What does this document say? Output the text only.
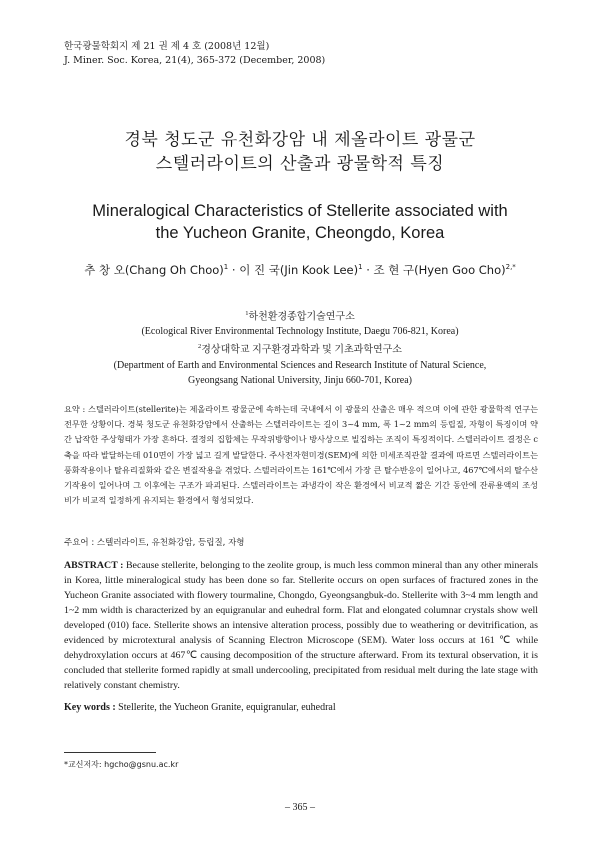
한국광물학회지 제 21 권 제 4 호 (2008년 12월)
J. Miner. Soc. Korea, 21(4), 365-372 (December, 2008)
경북 청도군 유천화강암 내 제올라이트 광물군
스텔러라이트의 산출과 광물학적 특징
Mineralogical Characteristics of Stellerite associated with
the Yucheon Granite, Cheongdo, Korea
추 창 오(Chang Oh Choo)$^1$ · 이 진 국(Jin Kook Lee)$^1$ · 조 현 구(Hyen Goo Cho)$^{2,*}$
$^1$하천환경종합기술연구소
(Ecological River Environmental Technology Institute, Daegu 706-821, Korea)
$^2$경상대학교 지구환경과학과 및 기초과학연구소
(Department of Earth and Environmental Sciences and Research Institute of Natural Science,
Gyeongsang National University, Jinju 660-701, Korea)
요약 : 스텔러라이트(stellerite)는 제올라이트 광물군에 속하는데 국내에서 이 광물의 산출은 매우 적으며 이에 관한 광물학적 연구는 전무한 상황이다. 경북 청도군 유천화강암에서 산출하는 스텔러라이트는 길이 3~4 mm, 폭 1~2 mm의 등립질, 자형이 특징이며 약간 납작한 주상형태가 가장 흔하다. 결정의 집합체는 무작위방향이나 방사상으로 빌집하는 조직이 특징적이다. 스텔러라이트 결정은 c축을 따라 발달하는데 010면이 가장 넓고 길게 발달한다. 주사전자현미경(SEM)에 의한 미세조직관찰 결과에 따르면 스텔러라이트는 풍화작용이나 탈유리질화와 같은 변질작용을 겪었다. 스텔러라이트는 161℃에서 가장 큰 탈수반응이 일어나고, 467℃에서의 탈수산기작용이 일어나며 그 이후에는 구조가 파괴된다. 스텔러라이트는 과냉각이 작은 환경에서 비교적 짧은 기간 동안에 잔류용액의 조성비가 비교적 일정하게 유지되는 환경에서 형성되었다.
주요어 : 스텔러라이트, 유천화강암, 등립질, 자형
ABSTRACT : Because stellerite, belonging to the zeolite group, is much less common mineral than any other minerals in Korea, little mineralogical study has been done so far. Stellerite occurs on open surfaces of fractured zones in the Yucheon Granite associated with flowery tourmaline, Chongdo, Gyeongsangbuk-do. Stellerite with 3~4 mm length and 1~2 mm width is characterized by an equigranular and euhedral form. Flat and elongated columnar crystals show well developed (010) face. Stellerite shows an intensive alteration process, possibly due to weathering or devitrification, as evidenced by microtextural analysis of Scanning Electron Microscope (SEM). Water loss occurs at 161 ℃ while dehydroxylation occurs at 467℃ causing decomposition of the structure afterward. From its textural observation, it is concluded that stellerite formed rapidly at small undercooling, precipitated from residual melt during the late stage with relatively constant chemistry.
Key words : Stellerite, the Yucheon Granite, equigranular, euhedral
*교신저자: hgcho@gsnu.ac.kr
– 365 –
